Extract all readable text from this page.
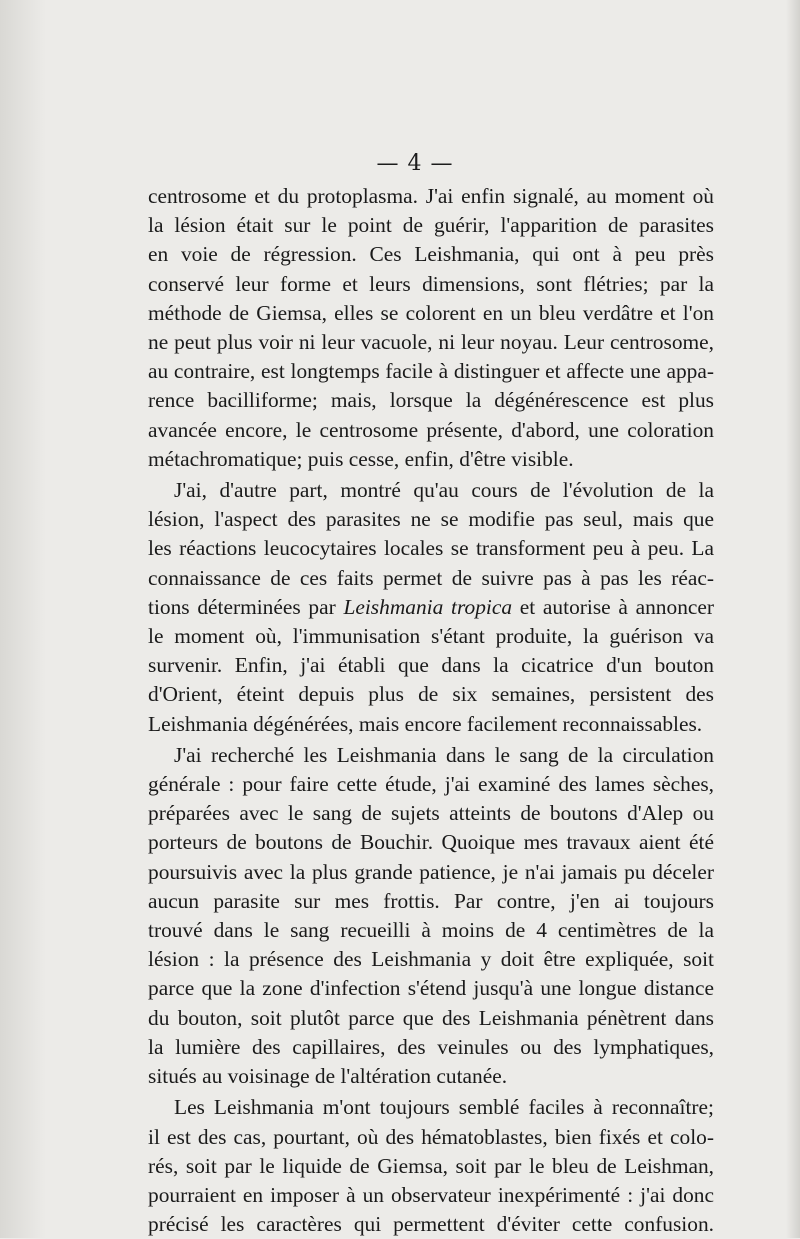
— 4 —

centrosome et du protoplasma. J'ai enfin signalé, au moment où
la lésion était sur le point de guérir, l'apparition de parasites
en voie de régression. Ces Leishmania, qui ont à peu près
conservé leur forme et leurs dimensions, sont flétries; par la
méthode de Giemsa, elles se colorent en un bleu verdâtre et l'on
ne peut plus voir ni leur vacuole, ni leur noyau. Leur centrosome,
au contraire, est longtemps facile à distinguer et affecte une appa-
rence bacilliforme; mais, lorsque la dégénérescence est plus
avancée encore, le centrosome présente, d'abord, une coloration
métachromatique; puis cesse, enfin, d'être visible.

J'ai, d'autre part, montré qu'au cours de l'évolution de la
lésion, l'aspect des parasites ne se modifie pas seul, mais que
les réactions leucocytaires locales se transforment peu à peu. La
connaissance de ces faits permet de suivre pas à pas les réac-
tions déterminées par Leishmania tropica et autorise à annoncer
le moment où, l'immunisation s'étant produite, la guérison va
survenir. Enfin, j'ai établi que dans la cicatrice d'un bouton
d'Orient, éteint depuis plus de six semaines, persistent des
Leishmania dégénérées, mais encore facilement reconnaissables.

J'ai recherché les Leishmania dans le sang de la circulation
générale : pour faire cette étude, j'ai examiné des lames sèches,
préparées avec le sang de sujets atteints de boutons d'Alep ou
porteurs de boutons de Bouchir. Quoique mes travaux aient été
poursuivis avec la plus grande patience, je n'ai jamais pu déceler
aucun parasite sur mes frottis. Par contre, j'en ai toujours
trouvé dans le sang recueilli à moins de 4 centimètres de la
lésion : la présence des Leishmania y doit être expliquée, soit
parce que la zone d'infection s'étend jusqu'à une longue distance
du bouton, soit plutôt parce que des Leishmania pénètrent dans
la lumière des capillaires, des veinules ou des lymphatiques,
situés au voisinage de l'altération cutanée.

Les Leishmania m'ont toujours semblé faciles à reconnaître;
il est des cas, pourtant, où des hématoblastes, bien fixés et colo-
rés, soit par le liquide de Giemsa, soit par le bleu de Leishman,
pourraient en imposer à un observateur inexpérimenté : j'ai donc
précisé les caractères qui permettent d'éviter cette confusion.
